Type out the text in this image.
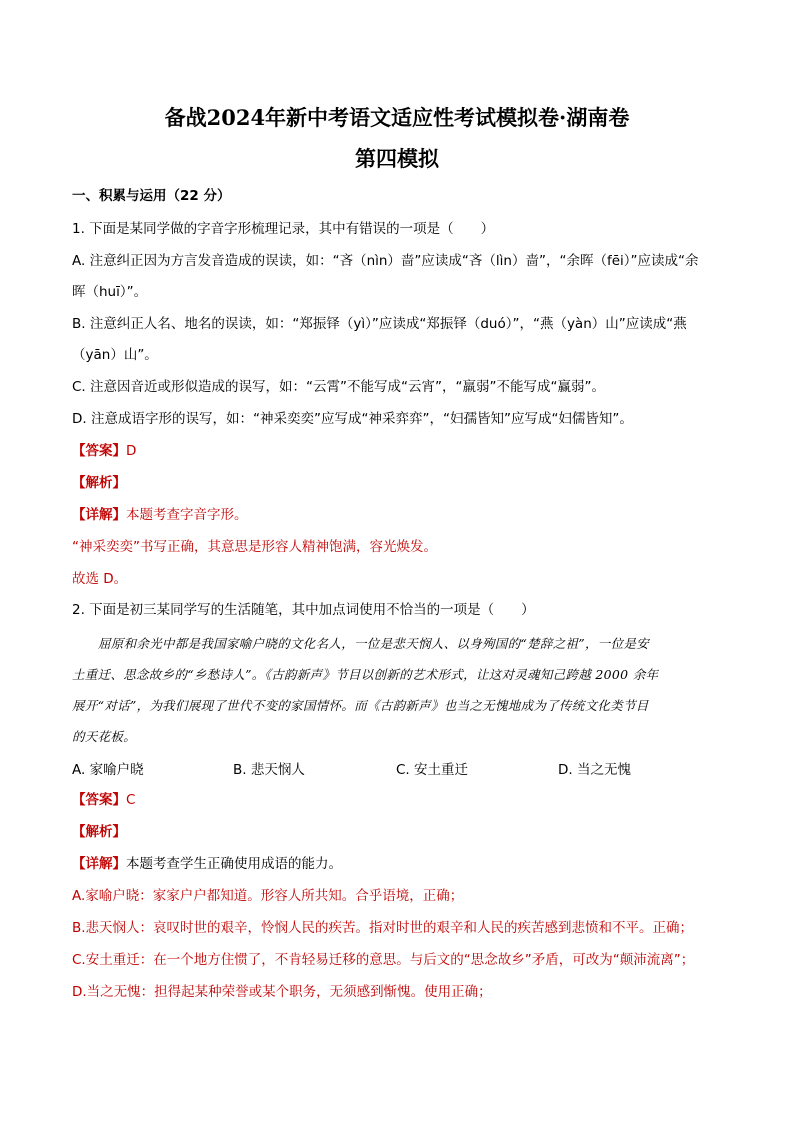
备战2024年新中考语文适应性考试模拟卷·湖南卷
第四模拟
一、积累与运用（22 分）
1. 下面是某同学做的字音字形梳理记录，其中有错误的一项是（　　）
A. 注意纠正因为方言发音造成的误读，如：“吝（nìn）啬”应读成“吝（lìn）啬”，“余晖（fēi）”应读成“余
晖（huī）”。
B. 注意纠正人名、地名的误读，如：“郑振铎（yì）”应读成“郑振铎（duó）”，“燕（yàn）山”应读成“燕
（yān）山”。
C. 注意因音近或形似造成的误写，如：“云霄”不能写成“云宵”，“羸弱”不能写成“赢弱”。
D. 注意成语字形的误写，如：“神采奕奕”应写成“神采弈弈”，“妇孺皆知”应写成“妇儒皆知”。
【答案】D
【解析】
【详解】本题考查字音字形。
“神采奕奕”书写正确，其意思是形容人精神饱满，容光焕发。
故选 D。
2. 下面是初三某同学写的生活随笔，其中加点词使用不恰当的一项是（　　）
屈原和余光中都是我国家喻户晓的文化名人，一位是悲天悯人、以身殉国的“楚辞之祖”，一位是安
土重迁、思念故乡的“乡愁诗人”。《古韵新声》节目以创新的艺术形式，让这对灵魂知己跨越 2000 余年
展开“对话”，为我们展现了世代不变的家国情怀。而《古韵新声》也当之无愧地成为了传统文化类节目
的天花板。
A. 家喻户晓	B. 悲天悯人	C. 安土重迁	D. 当之无愧
【答案】C
【解析】
【详解】本题考查学生正确使用成语的能力。
A.家喻户晓：家家户户都知道。形容人所共知。合乎语境，正确；
B.悲天悯人：哀叹时世的艰辛，怜悯人民的疾苦。指对时世的艰辛和人民的疾苦感到悲愤和不平。正确；
C.安土重迁：在一个地方住惯了，不肯轻易迁移的意思。与后文的“思念故乡”矛盾，可改为“颠沛流离”；
D.当之无愧：担得起某种荣誉或某个职务，无须感到惭愧。使用正确；
